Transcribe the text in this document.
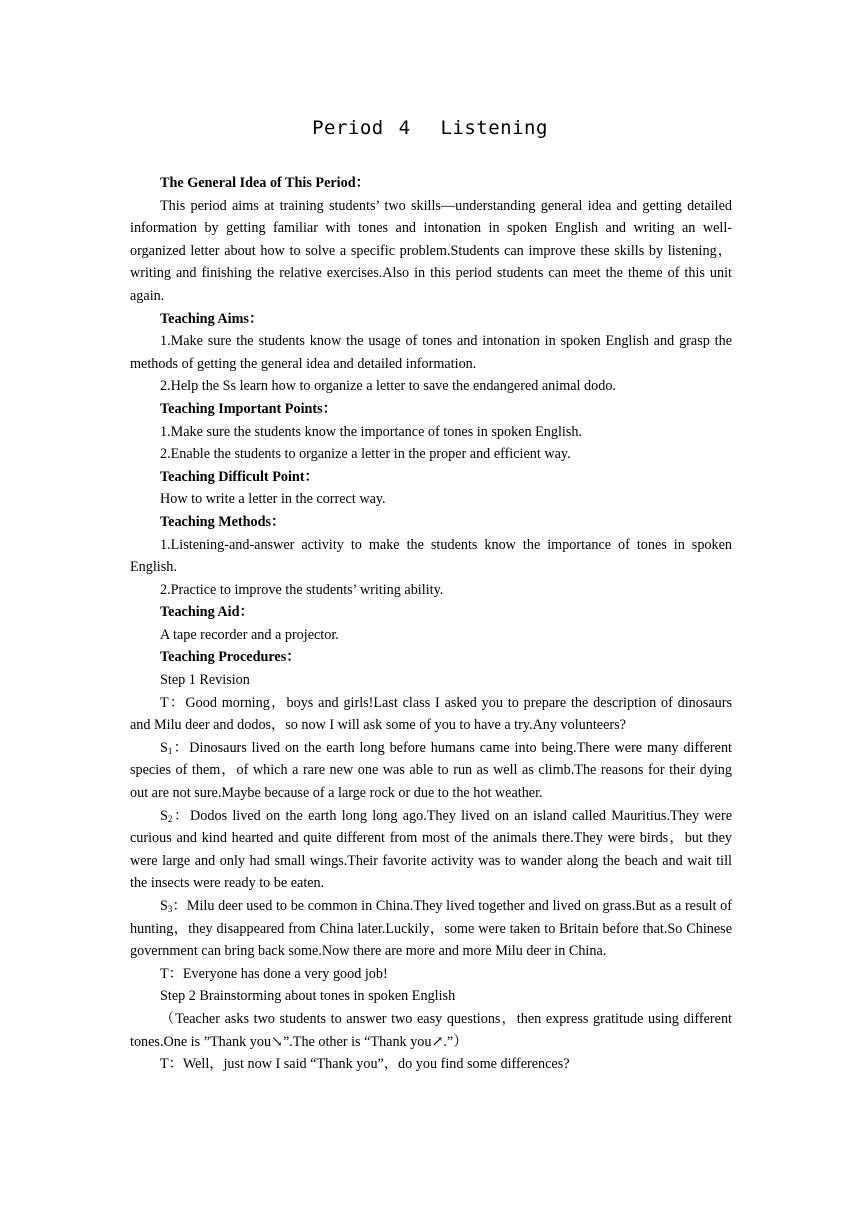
Period 4  Listening

The General Idea of This Period：

This period aims at training students’ two skills—understanding general idea and getting detailed information by getting familiar with tones and intonation in spoken English and writing an well-organized letter about how to solve a specific problem.Students can improve these skills by listening，writing and finishing the relative exercises.Also in this period students can meet the theme of this unit again.

Teaching Aims：

1.Make sure the students know the usage of tones and intonation in spoken English and grasp the methods of getting the general idea and detailed information.

2.Help the Ss learn how to organize a letter to save the endangered animal dodo.

Teaching Important Points：

1.Make sure the students know the importance of tones in spoken English.

2.Enable the students to organize a letter in the proper and efficient way.

Teaching Difficult Point：

How to write a letter in the correct way.

Teaching Methods：

1.Listening-and-answer activity to make the students know the importance of tones in spoken English.

2.Practice to improve the students’ writing ability.

Teaching Aid：

A tape recorder and a projector.

Teaching Procedures：

Step 1 Revision

T：Good morning，boys and girls!Last class I asked you to prepare the description of dinosaurs and Milu deer and dodos，so now I will ask some of you to have a try.Any volunteers?

$S_1$：Dinosaurs lived on the earth long before humans came into being.There were many different species of them，of which a rare new one was able to run as well as climb.The reasons for their dying out are not sure.Maybe because of a large rock or due to the hot weather.

$S_2$：Dodos lived on the earth long long ago.They lived on an island called Mauritius.They were curious and kind hearted and quite different from most of the animals there.They were birds，but they were large and only had small wings.Their favorite activity was to wander along the beach and wait till the insects were ready to be eaten.

$S_3$：Milu deer used to be common in China.They lived together and lived on grass.But as a result of hunting，they disappeared from China later.Luckily，some were taken to Britain before that.So Chinese government can bring back some.Now there are more and more Milu deer in China.

T：Everyone has done a very good job!

Step 2 Brainstorming about tones in spoken English

（Teacher asks two students to answer two easy questions，then express gratitude using different tones.One is ”Thank you↘”.The other is “Thank you↗.”）

T：Well，just now I said “Thank you”，do you find some differences?
